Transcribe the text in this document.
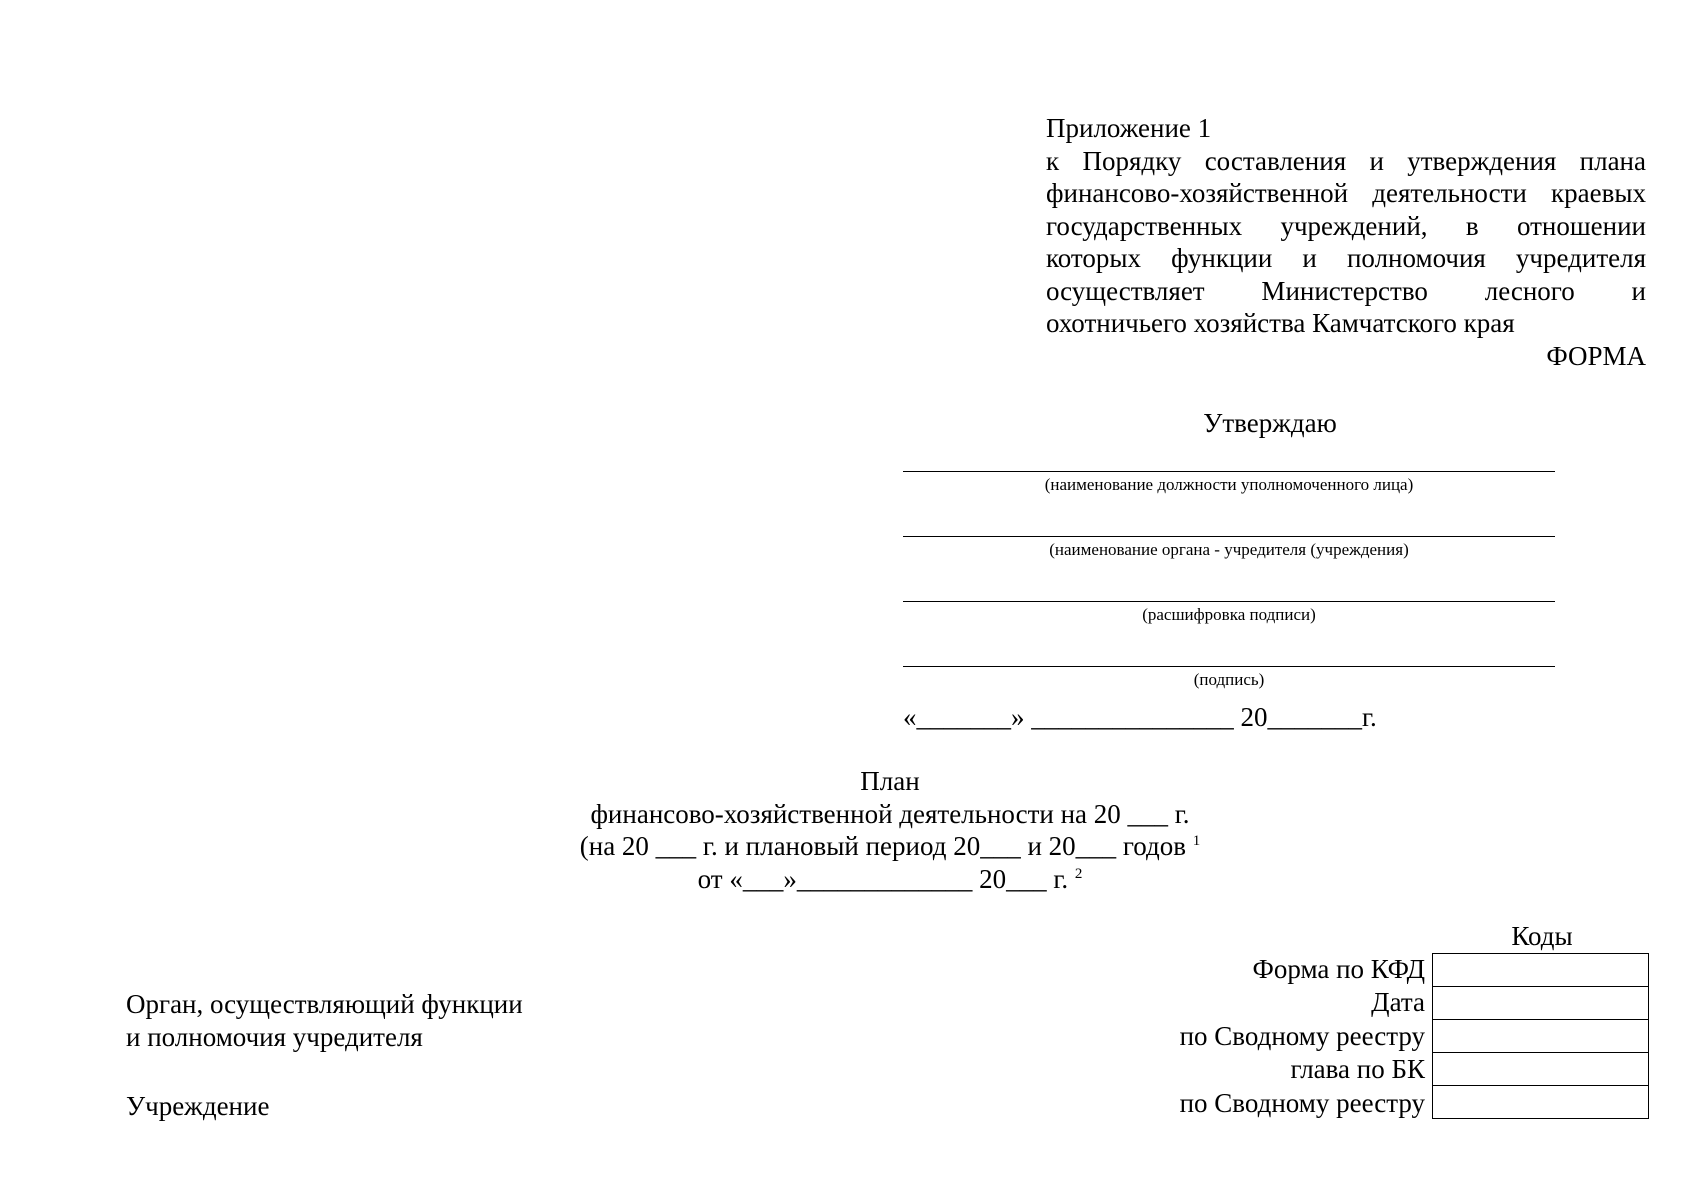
Приложение 1
к Порядку составления и утверждения плана
финансово-хозяйственной деятельности краевых
государственных учреждений, в отношении
которых функции и полномочия учредителя
осуществляет Министерство лесного и
охотничьего хозяйства Камчатского края
ФОРМА
Утверждаю
(наименование должности уполномоченного лица)
(наименование органа - учредителя (учреждения)
(расшифровка подписи)
(подпись)
«_______» _______________ 20_______г.
План
финансово-хозяйственной деятельности на 20 ___ г.
(на 20 ___ г. и плановый период 20___ и 20___ годов $^1$
от «___»_____________ 20___ г. $^2$
Орган, осуществляющий функции
и полномочия учредителя
Учреждение
Коды
Форма по КФД
Дата
по Сводному реестру
глава по БК
по Сводному реестру
